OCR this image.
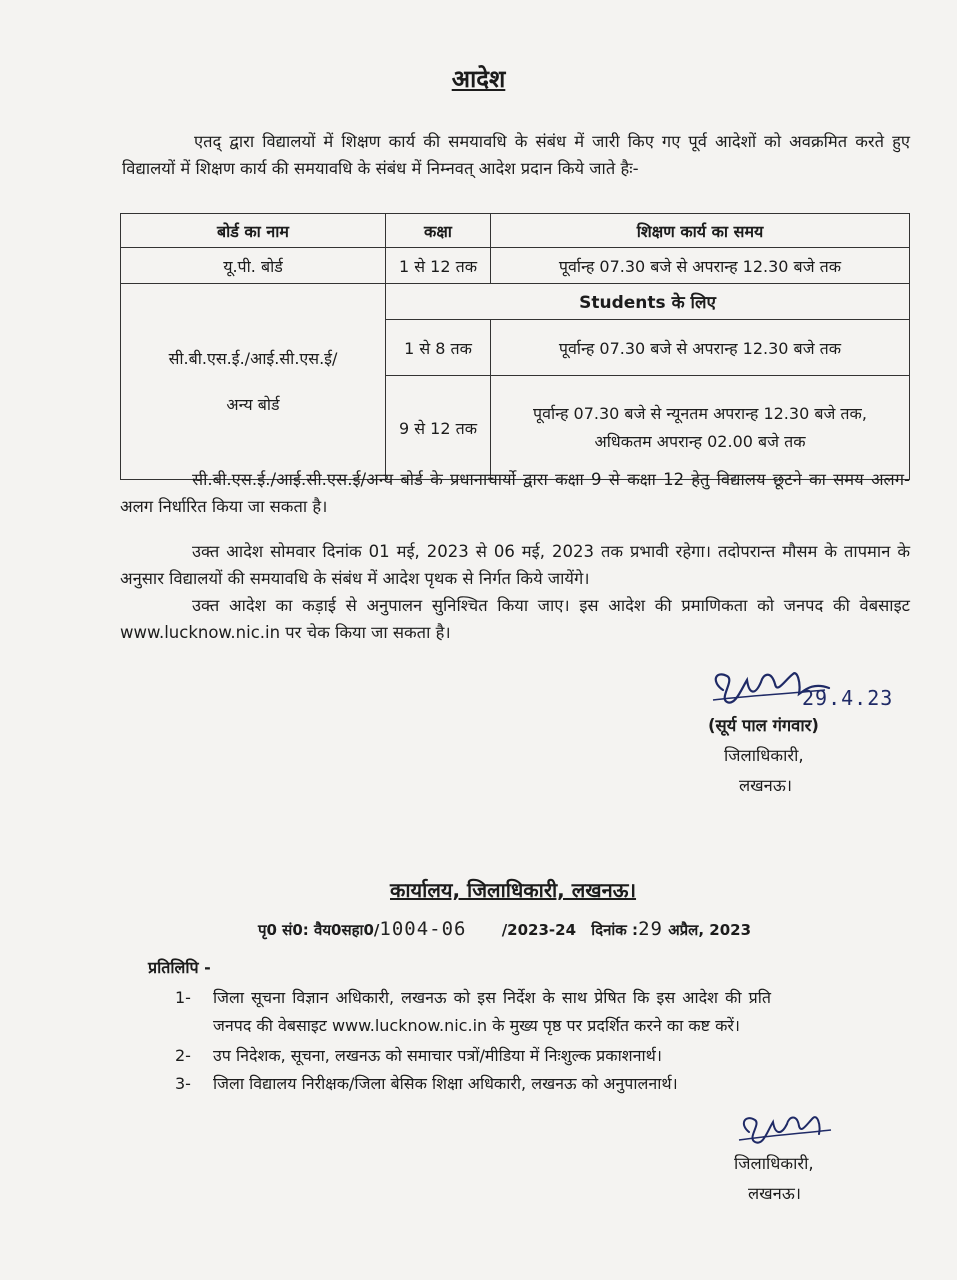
आदेश
एतद् द्वारा विद्यालयों में शिक्षण कार्य की समयावधि के संबंध में जारी किए गए पूर्व आदेशों को अवक्रमित करते हुए विद्यालयों में शिक्षण कार्य की समयावधि के संबंध में निम्नवत् आदेश प्रदान किये जाते हैः-
बोर्ड का नाम	कक्षा	शिक्षण कार्य का समय
यू.पी. बोर्ड	1 से 12 तक	पूर्वान्ह 07.30 बजे से अपरान्ह 12.30 बजे तक

सी.बी.एस.ई./आई.सी.एस.ई/
अन्य बोर्ड	Students के लिए	
	1 से 8 तक	पूर्वान्ह 07.30 बजे से अपरान्ह 12.30 बजे तक
	9 से 12 तक	पूर्वान्ह 07.30 बजे से न्यूनतम अपरान्ह 12.30 बजे तक,
अधिकतम अपरान्ह 02.00 बजे तक
सी.बी.एस.ई./आई.सी.एस.ई/अन्य बोर्ड के प्रधानाचार्यो द्वारा कक्षा 9 से कक्षा 12 हेतु विद्यालय छूटने का समय अलग-अलग निर्धारित किया जा सकता है।
उक्त आदेश सोमवार दिनांक 01 मई, 2023 से 06 मई, 2023 तक प्रभावी रहेगा। तदोपरान्त मौसम के तापमान के अनुसार विद्यालयों की समयावधि के संबंध में आदेश पृथक से निर्गत किये जायेंगे।
उक्त आदेश का कड़ाई से अनुपालन सुनिश्चित किया जाए। इस आदेश की प्रमाणिकता को जनपद की वेबसाइट www.lucknow.nic.in पर चेक किया जा सकता है।
29.4.23
(सूर्य पाल गंगवार)
जिलाधिकारी,
लखनऊ।
कार्यालय, जिलाधिकारी, लखनऊ।
पृ0 सं0: वैय0सहा0/1004-06 /2023-24 दिनांक :29 अप्रैल, 2023
प्रतिलिपि -
1- जिला सूचना विज्ञान अधिकारी, लखनऊ को इस निर्देश के साथ प्रेषित कि इस आदेश की प्रति जनपद की वेबसाइट www.lucknow.nic.in के मुख्य पृष्ठ पर प्रदर्शित करने का कष्ट करें।
2- उप निदेशक, सूचना, लखनऊ को समाचार पत्रों/मीडिया में निःशुल्क प्रकाशनार्थ।
3- जिला विद्यालय निरीक्षक/जिला बेसिक शिक्षा अधिकारी, लखनऊ को अनुपालनार्थ।
जिलाधिकारी,
लखनऊ।
